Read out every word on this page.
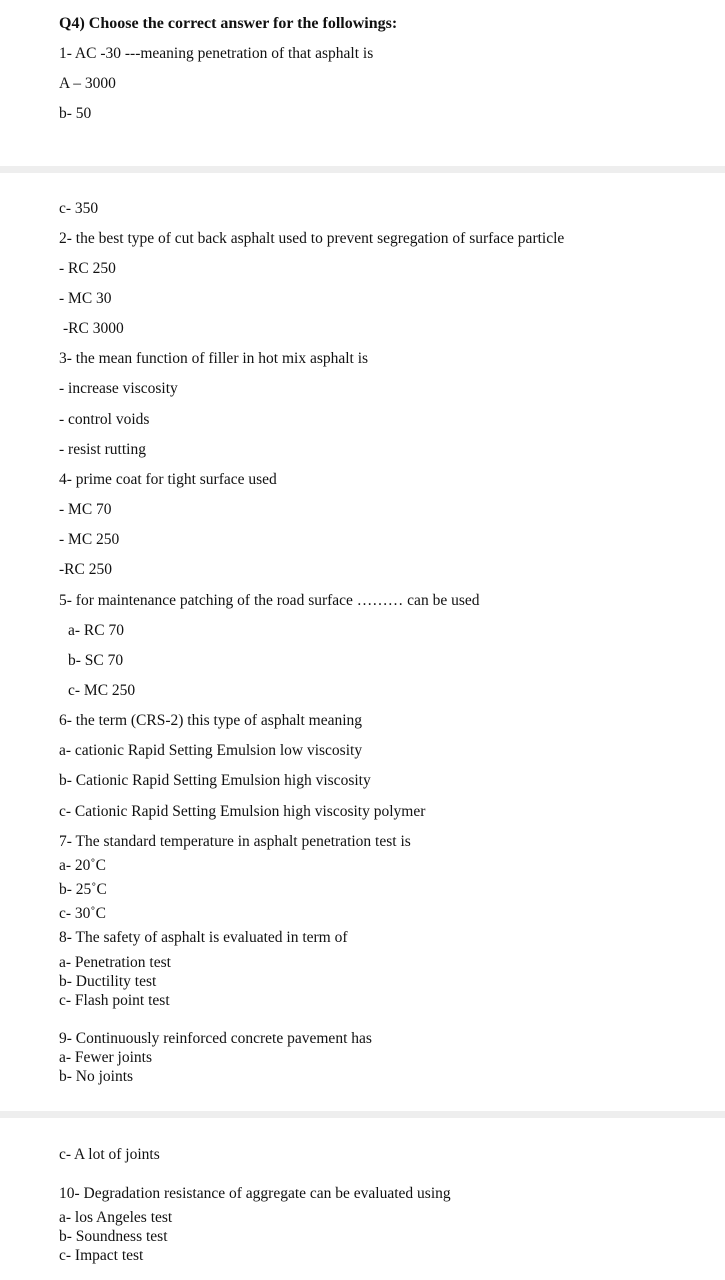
Q4) Choose the correct answer for the followings:
1- AC -30 ---meaning penetration of that asphalt is
A – 3000
b- 50
c- 350
2- the best type of cut back asphalt used to prevent segregation of surface particle
- RC 250
- MC 30
-RC 3000
3- the mean function of filler in hot mix asphalt is
- increase viscosity
- control voids
- resist rutting
4- prime coat for tight surface used
- MC 70
- MC 250
-RC 250
5- for maintenance patching of the road surface ……… can be used
a- RC 70
b- SC 70
c- MC 250
6- the term (CRS-2) this type of asphalt meaning
a- cationic Rapid Setting Emulsion low viscosity
b- Cationic Rapid Setting Emulsion high viscosity
c- Cationic Rapid Setting Emulsion high viscosity polymer
7- The standard temperature in asphalt penetration test is
a- 20˚C
b- 25˚C
c- 30˚C
8- The safety of asphalt is evaluated in term of
a- Penetration test
b- Ductility test
c- Flash point test
9- Continuously reinforced concrete pavement has
a- Fewer joints
b- No joints
c- A lot of joints
10- Degradation resistance of aggregate can be evaluated using
a- los Angeles test
b- Soundness test
c- Impact test
